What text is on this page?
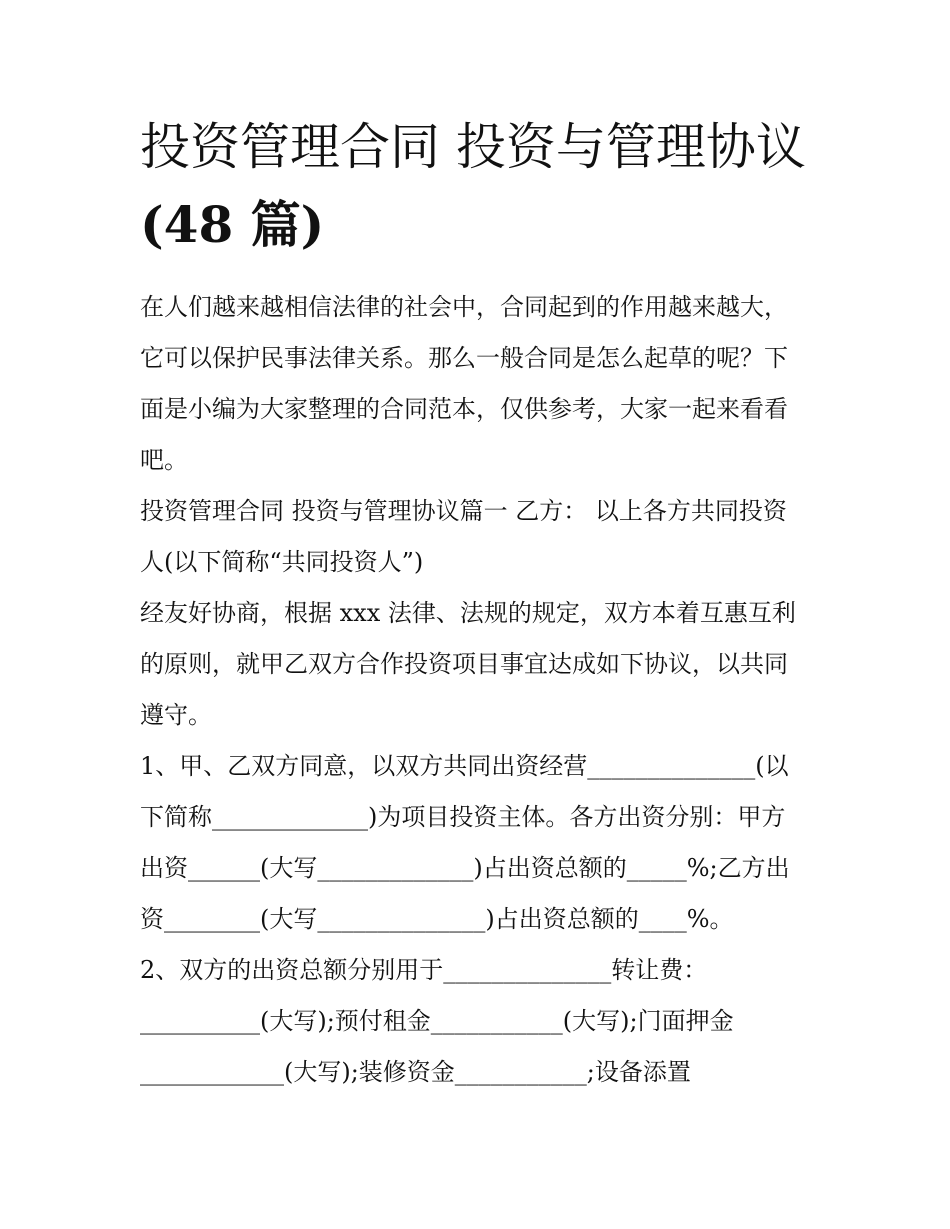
投资管理合同 投资与管理协议
(48 篇)

在人们越来越相信法律的社会中，合同起到的作用越来越大，
它可以保护民事法律关系。那么一般合同是怎么起草的呢？下
面是小编为大家整理的合同范本，仅供参考，大家一起来看看
吧。

投资管理合同 投资与管理协议篇一 乙方： 以上各方共同投资
人(以下简称“共同投资人”)

经友好协商，根据 xxx 法律、法规的规定，双方本着互惠互利
的原则，就甲乙双方合作投资项目事宜达成如下协议，以共同
遵守。

1、甲、乙双方同意，以双方共同出资经营______________(以
下简称_____________)为项目投资主体。各方出资分别：甲方
出资______(大写_____________)占出资总额的_____%;乙方出
资________(大写______________)占出资总额的____%。

2、双方的出资总额分别用于______________转让费：
__________(大写);预付租金___________(大写);门面押金
____________(大写);装修资金___________;设备添置
